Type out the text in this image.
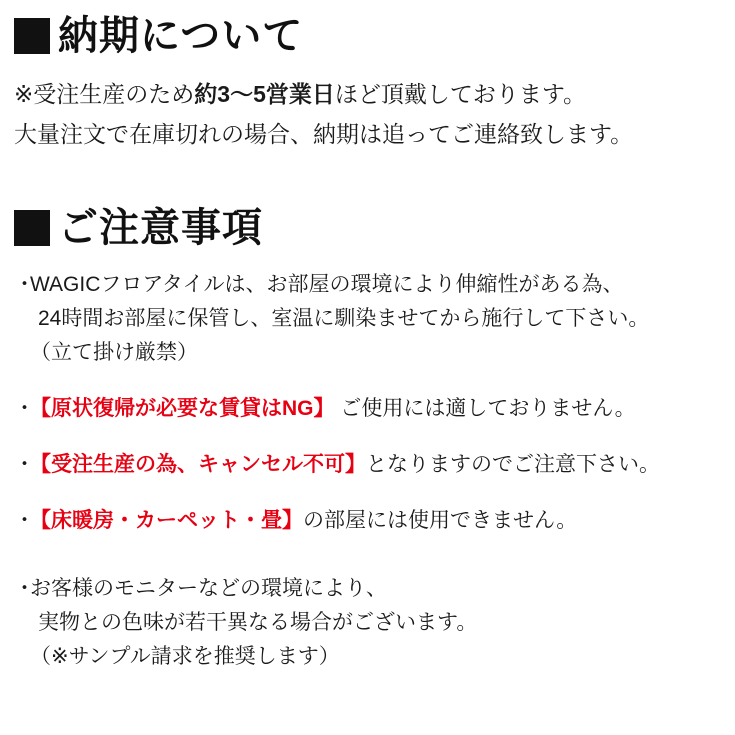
納期について
※受注生産のため約3〜5営業日ほど頂戴しております。
大量注文で在庫切れの場合、納期は追ってご連絡致します。
ご注意事項
・
WAGICフロアタイルは、お部屋の環境により伸縮性がある為、
24時間お部屋に保管し、室温に馴染ませてから施行して下さい。
（立て掛け厳禁）
・
【原状復帰が必要な賃貸はNG】 ご使用には適しておりません。
・
【受注生産の為、キャンセル不可】となりますのでご注意下さい。
・
【床暖房・カーペット・畳】の部屋には使用できません。
・
お客様のモニターなどの環境により、
実物との色味が若干異なる場合がございます。
（※サンプル請求を推奨します）
